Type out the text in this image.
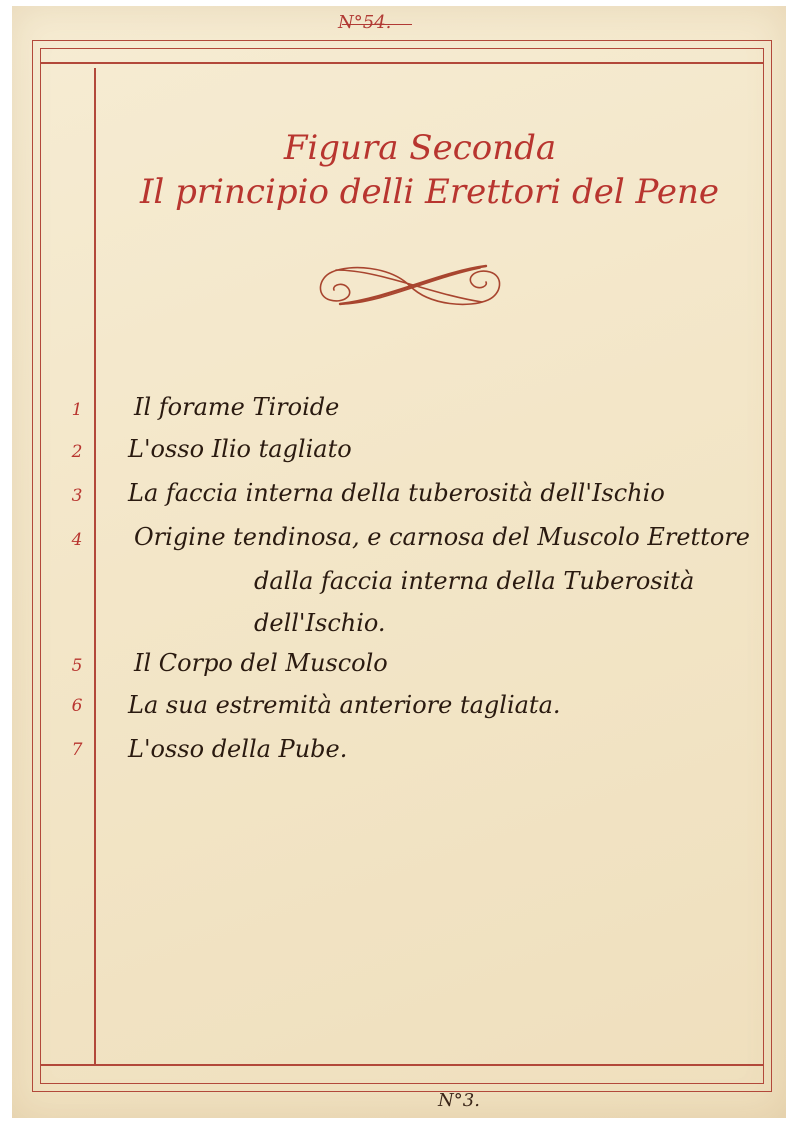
N°54.
Figura Seconda
Il principio delli Erettori del Pene
1	Il forame Tiroide
2	L'osso Ilio tagliato
3	La faccia interna della tuberosità dell'Ischio
4	Origine tendinosa, e carnosa del Muscolo Erettore
dalla faccia interna della Tuberosità
dell'Ischio.
5	Il Corpo del Muscolo
6	La sua estremità anteriore tagliata.
7	L'osso della Pube.
N°3.
